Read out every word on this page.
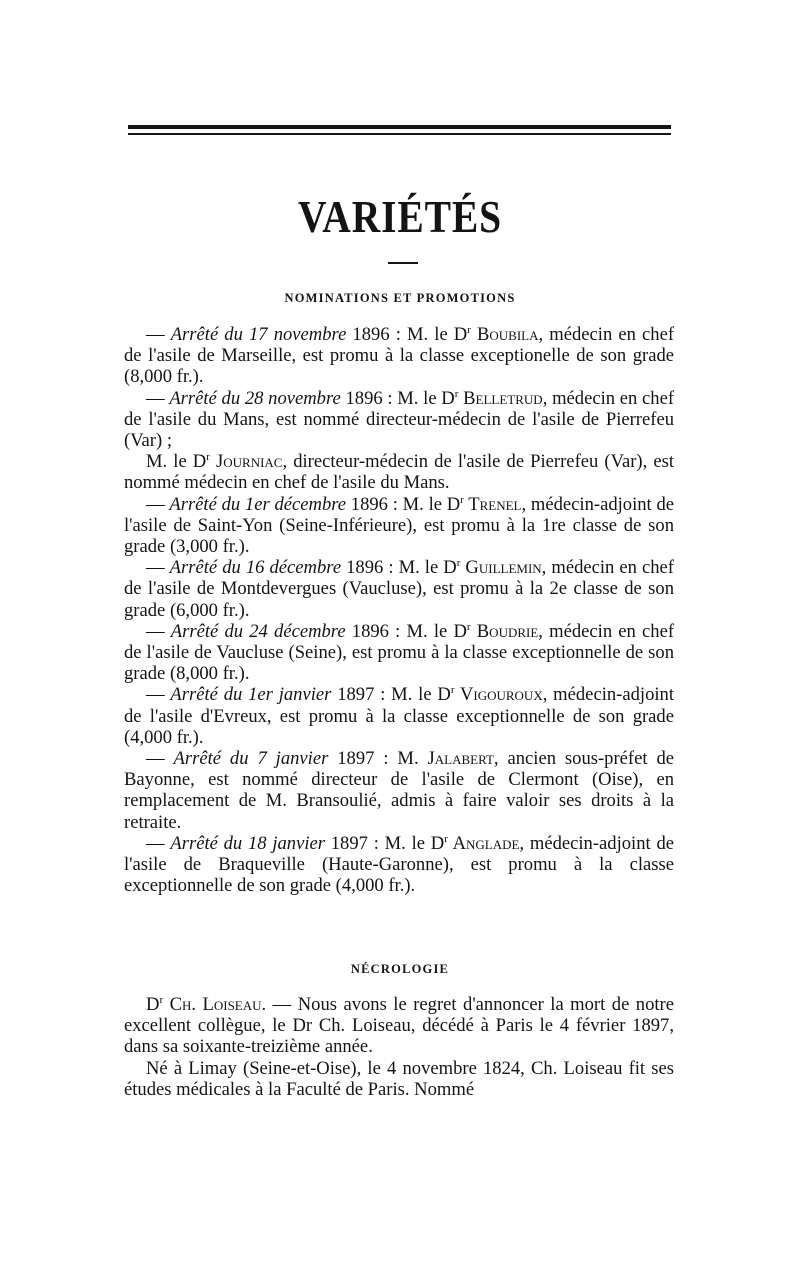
VARIÉTÉS
NOMINATIONS ET PROMOTIONS

— Arrêté du 17 novembre 1896 : M. le $D^r$ Boubila, médecin en chef de l'asile de Marseille, est promu à la classe exceptionelle de son grade (8,000 fr.).

— Arrêté du 28 novembre 1896 : M. le $D^r$ Belletrud, médecin en chef de l'asile du Mans, est nommé directeur-médecin de l'asile de Pierrefeu (Var) ;

M. le $D^r$ Journiac, directeur-médecin de l'asile de Pierrefeu (Var), est nommé médecin en chef de l'asile du Mans.

— Arrêté du 1er décembre 1896 : M. le $D^r$ Trenel, médecin-adjoint de l'asile de Saint-Yon (Seine-Inférieure), est promu à la 1re classe de son grade (3,000 fr.).

— Arrêté du 16 décembre 1896 : M. le $D^r$ Guillemin, médecin en chef de l'asile de Montdevergues (Vaucluse), est promu à la 2e classe de son grade (6,000 fr.).

— Arrêté du 24 décembre 1896 : M. le $D^r$ Boudrie, médecin en chef de l'asile de Vaucluse (Seine), est promu à la classe exceptionnelle de son grade (8,000 fr.).

— Arrêté du 1er janvier 1897 : M. le $D^r$ Vigouroux, médecin-adjoint de l'asile d'Evreux, est promu à la classe exceptionnelle de son grade (4,000 fr.).

— Arrêté du 7 janvier 1897 : M. Jalabert, ancien sous-préfet de Bayonne, est nommé directeur de l'asile de Clermont (Oise), en remplacement de M. Bransoulié, admis à faire valoir ses droits à la retraite.

— Arrêté du 18 janvier 1897 : M. le $D^r$ Anglade, médecin-adjoint de l'asile de Braqueville (Haute-Garonne), est promu à la classe exceptionnelle de son grade (4,000 fr.).

NÉCROLOGIE

$D^r$ Ch. Loiseau. — Nous avons le regret d'annoncer la mort de notre excellent collègue, le Dr Ch. Loiseau, décédé à Paris le 4 février 1897, dans sa soixante-treizième année.

Né à Limay (Seine-et-Oise), le 4 novembre 1824, Ch. Loiseau fit ses études médicales à la Faculté de Paris. Nommé
